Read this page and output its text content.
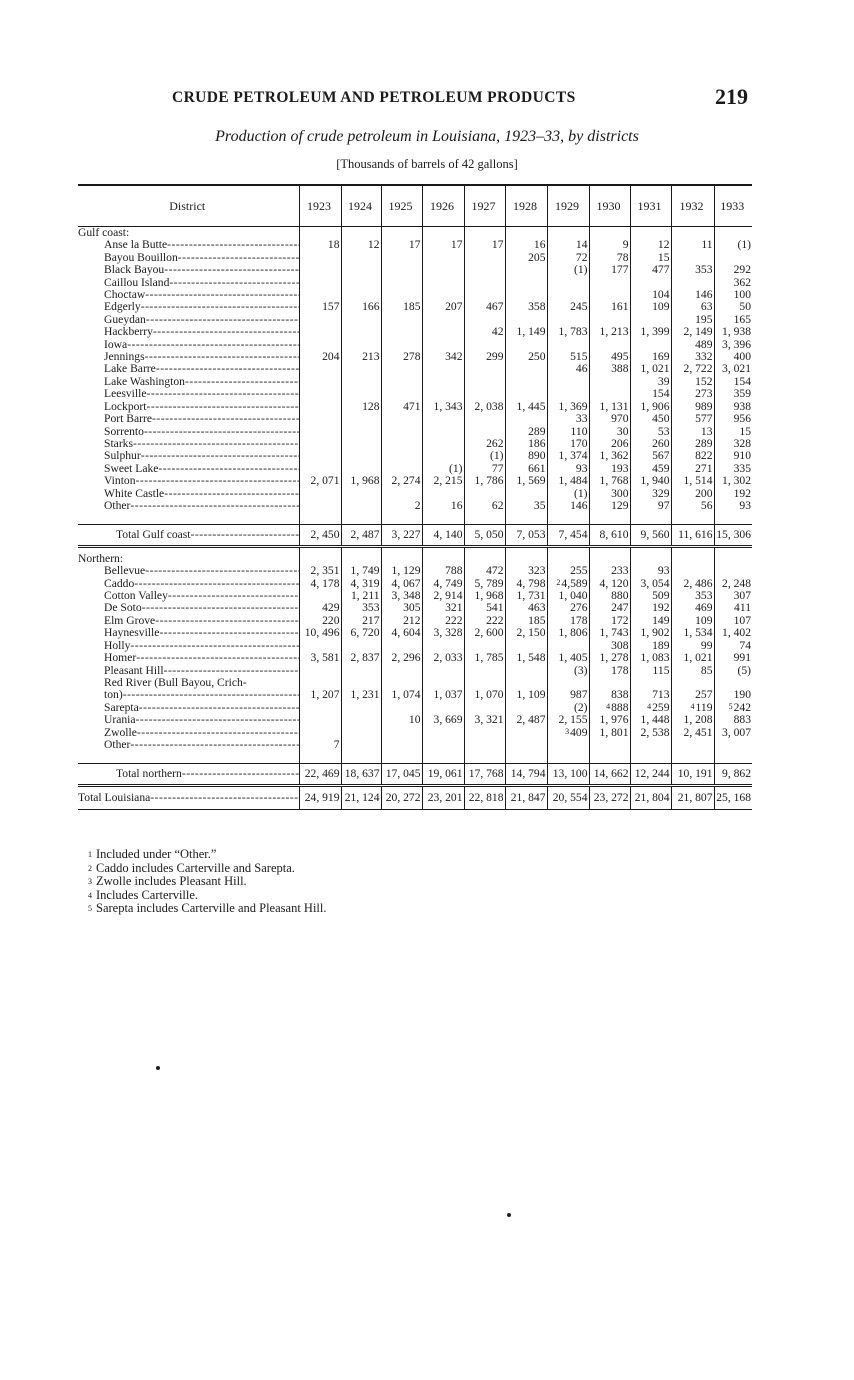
CRUDE PETROLEUM AND PETROLEUM PRODUCTS	219
Production of crude petroleum in Louisiana, 1923–33, by districts
[Thousands of barrels of 42 gallons]
District	1923	1924	1925	1926	1927	1928	1929	1930	1931	1932	1933
Gulf coast:											
Anse la Butte -----	18	12	17	17	17	16	14	9	12	11	(1)
Bayou Bouillon -----						205	72	78	15		
Black Bayou -----							(1)	177	477	353	292
Caillou Island -----											362
Choctaw -----									104	146	100
Edgerly -----	157	166	185	207	467	358	245	161	109	63	50
Gueydan -----										195	165
Hackberry -----					42	1, 149	1, 783	1, 213	1, 399	2, 149	1, 938
Iowa -----										489	3, 396
Jennings -----	204	213	278	342	299	250	515	495	169	332	400
Lake Barre -----							46	388	1, 021	2, 722	3, 021
Lake Washington -----									39	152	154
Leesville -----									154	273	359
Lockport -----		128	471	1, 343	2, 038	1, 445	1, 369	1, 131	1, 906	989	938
Port Barre -----							33	970	450	577	956
Sorrento -----						289	110	30	53	13	15
Starks -----					262	186	170	206	260	289	328
Sulphur -----					(1)	890	1, 374	1, 362	567	822	910
Sweet Lake -----				(1)	77	661	93	193	459	271	335
Vinton -----	2, 071	1, 968	2, 274	2, 215	1, 786	1, 569	1, 484	1, 768	1, 940	1, 514	1, 302
White Castle -----							(1)	300	329	200	192
Other -----			2	16	62	35	146	129	97	56	93

Total Gulf coast -----	2, 450	2, 487	3, 227	4, 140	5, 050	7, 053	7, 454	8, 610	9, 560	11, 616	15, 306

Northern:											
Bellevue -----	2, 351	1, 749	1, 129	788	472	323	255	233	93		
Caddo -----	4, 178	4, 319	4, 067	4, 749	5, 789	4, 798	24,589	4, 120	3, 054	2, 486	2, 248
Cotton Valley -----		1, 211	3, 348	2, 914	1, 968	1, 731	1, 040	880	509	353	307
De Soto -----	429	353	305	321	541	463	276	247	192	469	411
Elm Grove -----	220	217	212	222	222	185	178	172	149	109	107
Haynesville -----	10, 496	6, 720	4, 604	3, 328	2, 600	2, 150	1, 806	1, 743	1, 902	1, 534	1, 402
Holly -----								308	189	99	74
Homer -----	3, 581	2, 837	2, 296	2, 033	1, 785	1, 548	1, 405	1, 278	1, 083	1, 021	991
Pleasant Hill -----							(3)	178	115	85	(5)
Red River (Bull Bayou, Crich-											
ton) -----	1, 207	1, 231	1, 074	1, 037	1, 070	1, 109	987	838	713	257	190
Sarepta -----							(2)	4888	4259	4119	5242
Urania -----			10	3, 669	3, 321	2, 487	2, 155	1, 976	1, 448	1, 208	883
Zwolle -----							3409	1, 801	2, 538	2, 451	3, 007
Other -----	7										

Total northern -----	22, 469	18, 637	17, 045	19, 061	17, 768	14, 794	13, 100	14, 662	12, 244	10, 191	9, 862
Total Louisiana -----	24, 919	21, 124	20, 272	23, 201	22, 818	21, 847	20, 554	23, 272	21, 804	21, 807	25, 168
$^1$ Included under “Other.”
$^2$ Caddo includes Carterville and Sarepta.
$^3$ Zwolle includes Pleasant Hill.
$^4$ Includes Carterville.
$^5$ Sarepta includes Carterville and Pleasant Hill.
